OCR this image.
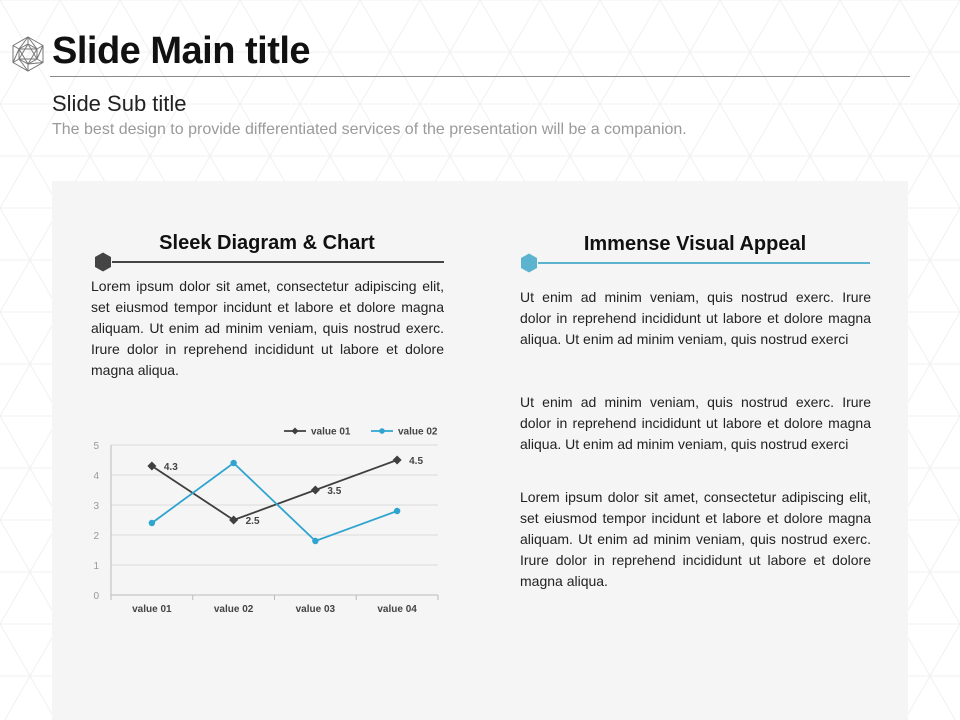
Slide Main title
Slide Sub title
The best design to provide differentiated services of the presentation will be a companion.
Sleek Diagram & Chart
Lorem ipsum dolor sit amet, consectetur adipiscing elit, set eiusmod tempor incidunt et labore et dolore magna aliquam. Ut enim ad minim veniam, quis nostrud exerc. Irure dolor in reprehend incididunt ut labore et dolore magna aliqua.
0
1
2
3
4
5
value 01	value 02	value 03	value 04
4.3
2.5
3.5
4.5
value 01	value 02
Immense Visual Appeal
Ut enim ad minim veniam, quis nostrud exerc. Irure dolor in reprehend incididunt ut labore et dolore magna aliqua. Ut enim ad minim veniam, quis nostrud exerci
Ut enim ad minim veniam, quis nostrud exerc. Irure dolor in reprehend incididunt ut labore et dolore magna aliqua. Ut enim ad minim veniam, quis nostrud exerci
Lorem ipsum dolor sit amet, consectetur adipiscing elit, set eiusmod tempor incidunt et labore et dolore magna aliquam. Ut enim ad minim veniam, quis nostrud exerc. Irure dolor in reprehend incididunt ut labore et dolore magna aliqua.
